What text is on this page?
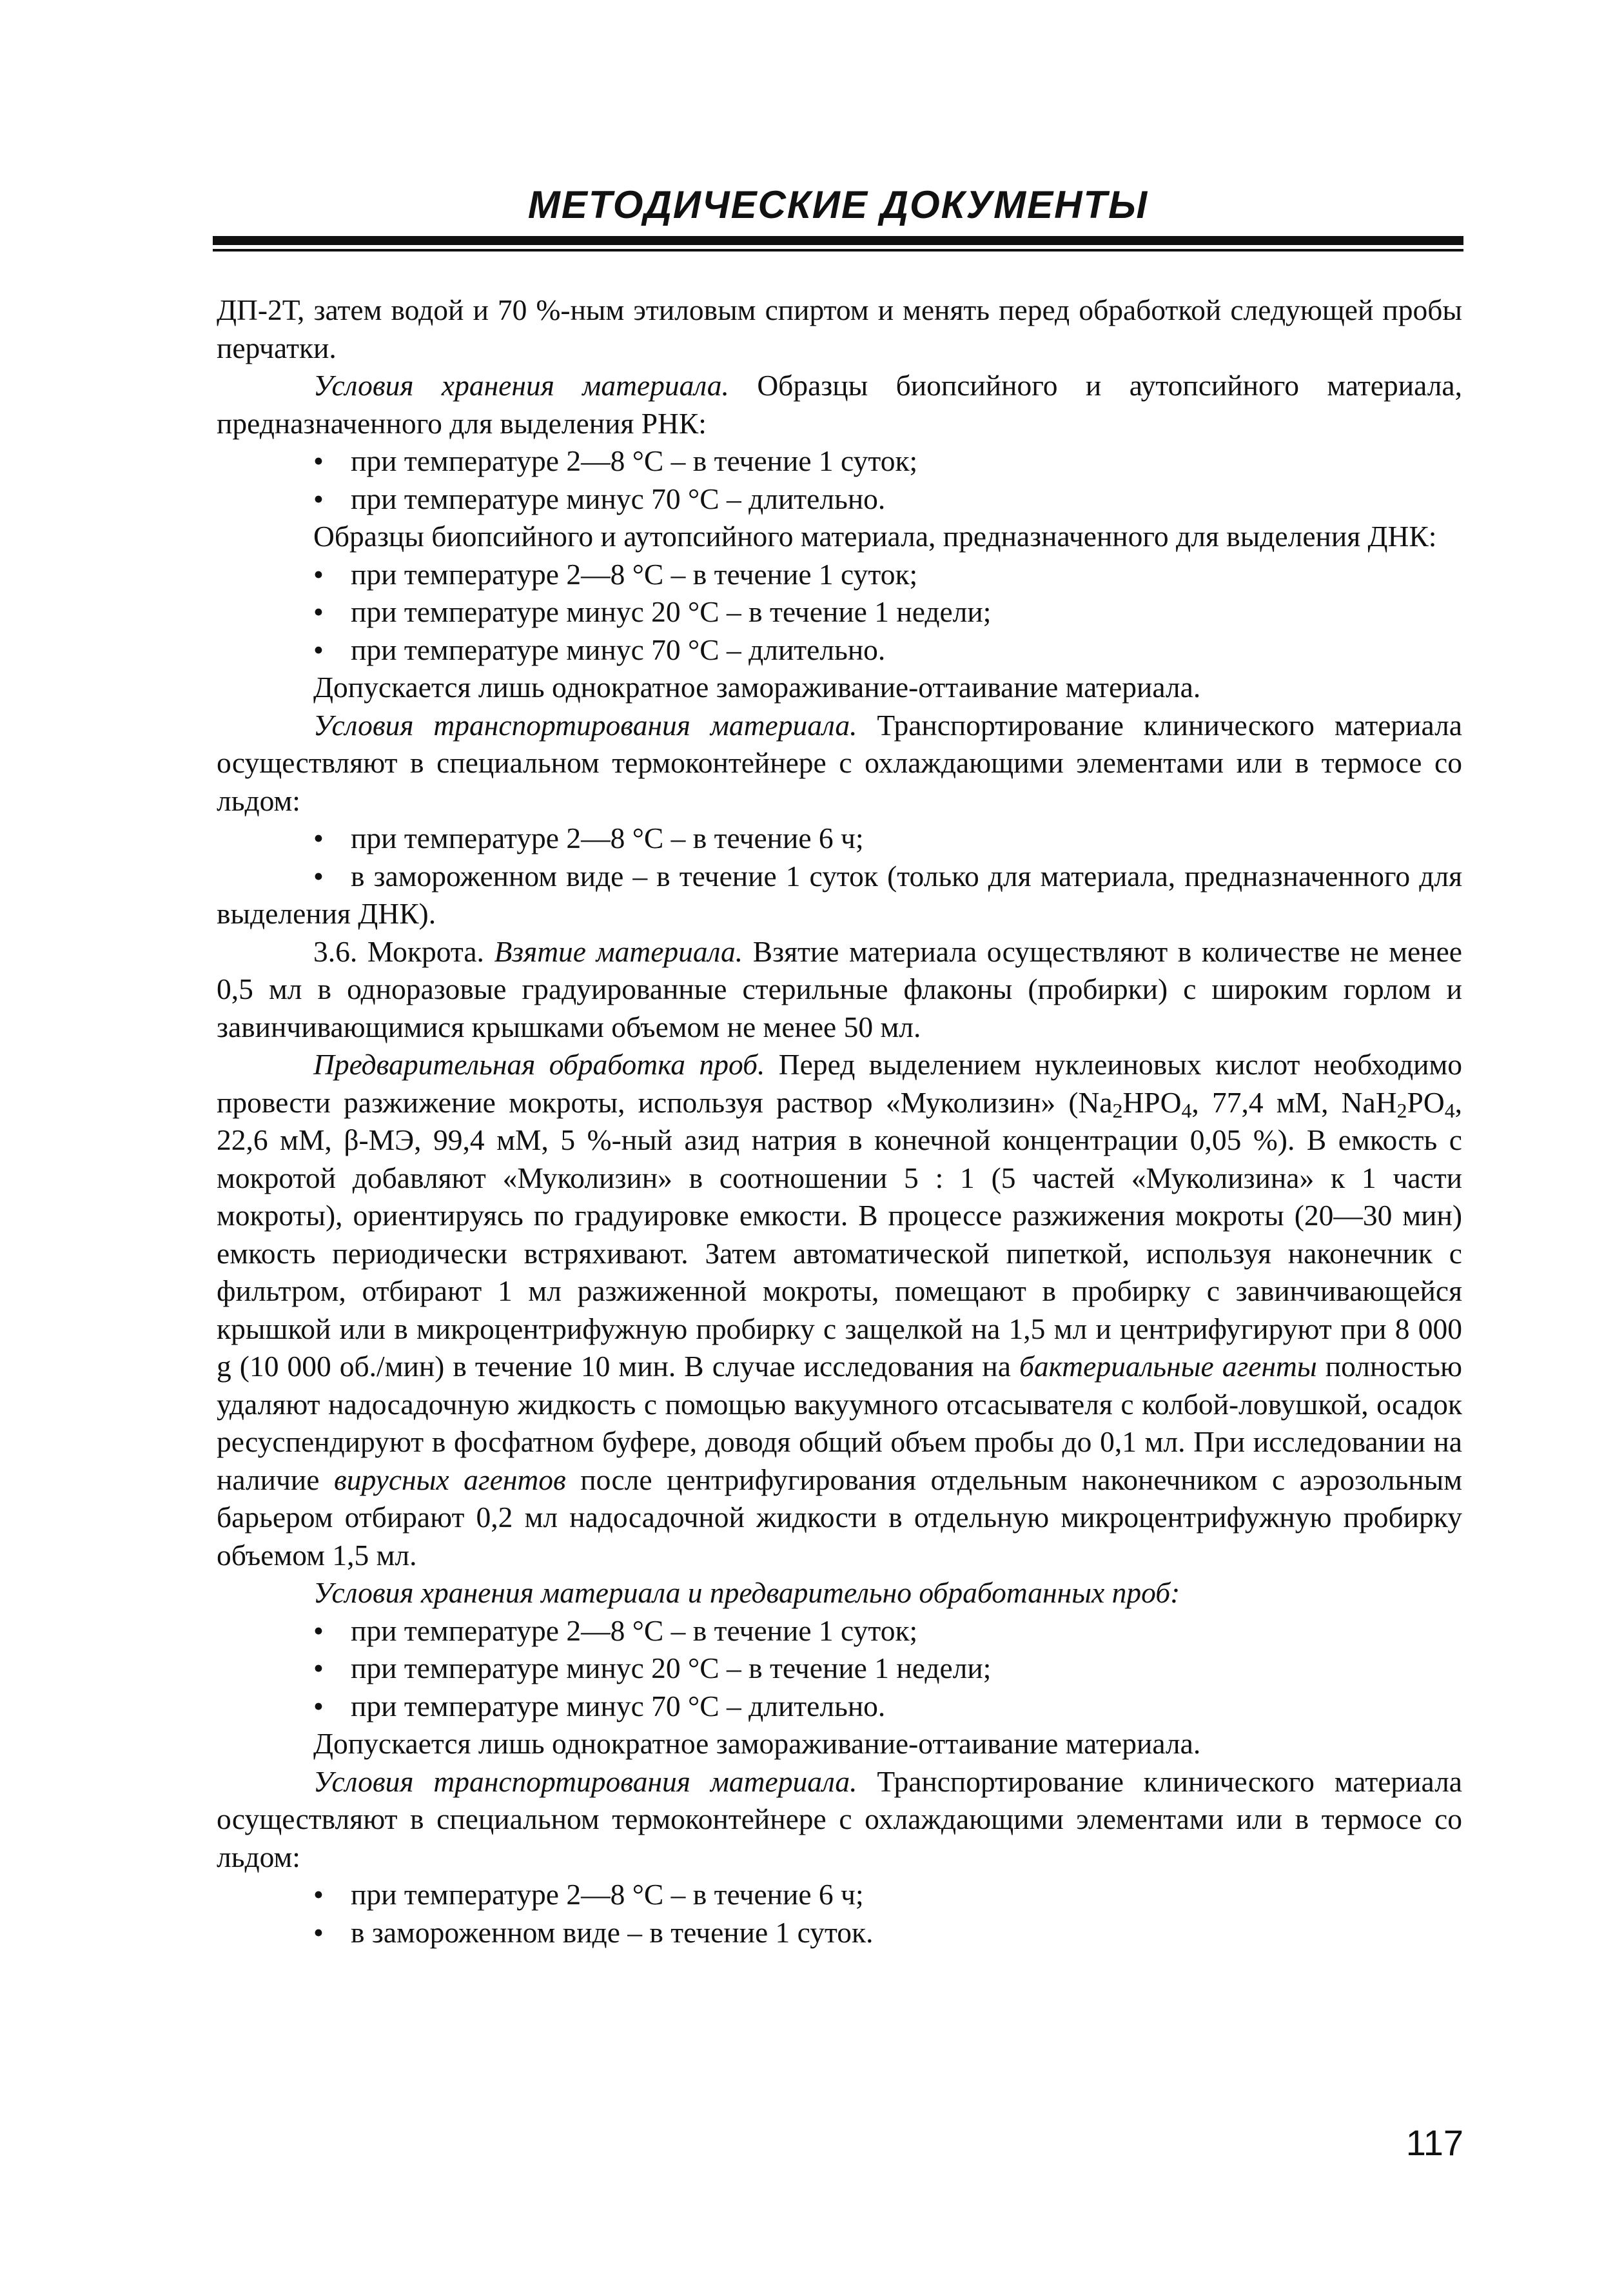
МЕТОДИЧЕСКИЕ ДОКУМЕНТЫ

ДП-2Т, затем водой и 70 %-ным этиловым спиртом и менять перед обработкой следующей пробы перчатки.

Условия хранения материала. Образцы биопсийного и аутопсийного материала, предназначенного для выделения РНК:

• при температуре 2—8 °С – в течение 1 суток;

• при температуре минус 70 °С – длительно.

Образцы биопсийного и аутопсийного материала, предназначенного для выделения ДНК:

• при температуре 2—8 °С – в течение 1 суток;

• при температуре минус 20 °С – в течение 1 недели;

• при температуре минус 70 °С – длительно.

Допускается лишь однократное замораживание-оттаивание материала.

Условия транспортирования материала. Транспортирование клинического материала осуществляют в специальном термоконтейнере с охлаждающими элементами или в термосе со льдом:

• при температуре 2—8 °С – в течение 6 ч;

• в замороженном виде – в течение 1 суток (только для материала, предназначенного для выделения ДНК).

3.6. Мокрота. Взятие материала. Взятие материала осуществляют в количестве не менее 0,5 мл в одноразовые градуированные стерильные флаконы (пробирки) с широким горлом и завинчивающимися крышками объемом не менее 50 мл.

Предварительная обработка проб. Перед выделением нуклеиновых кислот необходимо провести разжижение мокроты, используя раствор «Муколизин» ($Na_2HPO_4$, 77,4 мМ, $NaH_2PO_4$, 22,6 мМ, β-МЭ, 99,4 мМ, 5 %-ный азид натрия в конечной концентрации 0,05 %). В емкость с мокротой добавляют «Муколизин» в соотношении 5 : 1 (5 частей «Муколизина» к 1 части мокроты), ориентируясь по градуировке емкости. В процессе разжижения мокроты (20—30 мин) емкость периодически встряхивают. Затем автоматической пипеткой, используя наконечник с фильтром, отбирают 1 мл разжиженной мокроты, помещают в пробирку с завинчивающейся крышкой или в микроцентрифужную пробирку с защелкой на 1,5 мл и центрифугируют при 8 000 g (10 000 об./мин) в течение 10 мин. В случае исследования на бактериальные агенты полностью удаляют надосадочную жидкость с помощью вакуумного отсасывателя с колбой-ловушкой, осадок ресуспендируют в фосфатном буфере, доводя общий объем пробы до 0,1 мл. При исследовании на наличие вирусных агентов после центрифугирования отдельным наконечником с аэрозольным барьером отбирают 0,2 мл надосадочной жидкости в отдельную микроцентрифужную пробирку объемом 1,5 мл.

Условия хранения материала и предварительно обработанных проб:

• при температуре 2—8 °С – в течение 1 суток;

• при температуре минус 20 °С – в течение 1 недели;

• при температуре минус 70 °С – длительно.

Допускается лишь однократное замораживание-оттаивание материала.

Условия транспортирования материала. Транспортирование клинического материала осуществляют в специальном термоконтейнере с охлаждающими элементами или в термосе со льдом:

• при температуре 2—8 °С – в течение 6 ч;

• в замороженном виде – в течение 1 суток.

117
